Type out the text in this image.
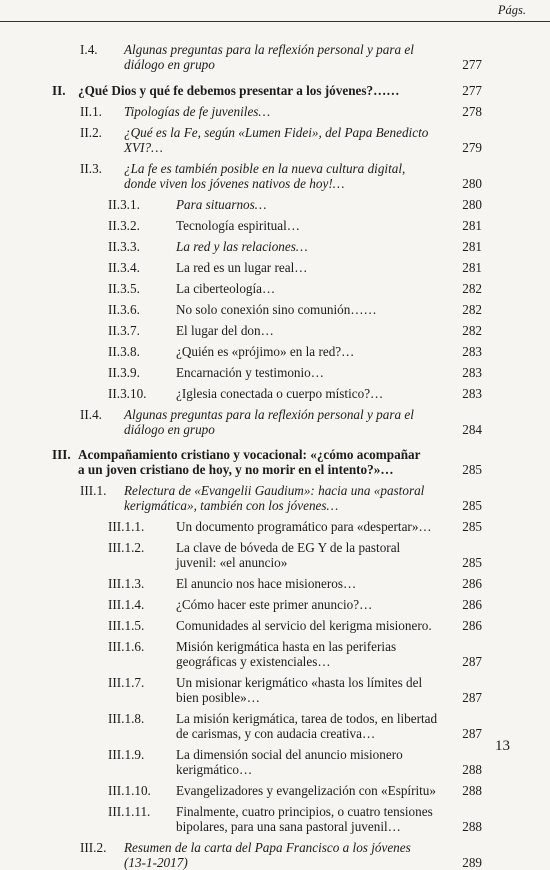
Págs.
I.4. Algunas preguntas para la reflexión personal y para el
diálogo en grupo	277
II. ¿Qué Dios y qué fe debemos presentar a los jóvenes?……	277
II.1. Tipologías de fe juveniles…	278
II.2. ¿Qué es la Fe, según «Lumen Fidei», del Papa Benedicto
XVI?…	279
II.3. ¿La fe es también posible en la nueva cultura digital,
donde viven los jóvenes nativos de hoy!…	280
II.3.1.	Para situarnos…	280
II.3.2.	Tecnología espiritual…	281
II.3.3.	La red y las relaciones…	281
II.3.4.	La red es un lugar real…	281
II.3.5.	La ciberteología…	282
II.3.6.	No solo conexión sino comunión……	282
II.3.7.	El lugar del don…	282
II.3.8.	¿Quién es «prójimo» en la red?…	283
II.3.9.	Encarnación y testimonio…	283
II.3.10. ¿Iglesia conectada o cuerpo místico?…	283
II.4. Algunas preguntas para la reflexión personal y para el
diálogo en grupo	284
III. Acompañamiento cristiano y vocacional: «¿cómo acompañar
a un joven cristiano de hoy, y no morir en el intento?»…	285
III.1. Relectura de «Evangelii Gaudium»: hacia una «pastoral
kerigmática», también con los jóvenes…	285
III.1.1. Un documento programático para «despertar»…	285
III.1.2. La clave de bóveda de EG Y de la pastoral
juvenil: «el anuncio»	285
III.1.3. El anuncio nos hace misioneros…	286
III.1.4. ¿Cómo hacer este primer anuncio?…	286
III.1.5. Comunidades al servicio del kerigma misionero.	286
III.1.6. Misión kerigmática hasta en las periferias
geográficas y existenciales…	287
III.1.7. Un misionar kerigmático «hasta los límites del
bien posible»…	287
III.1.8. La misión kerigmática, tarea de todos, en libertad
de carismas, y con audacia creativa…	287
III.1.9. La dimensión social del anuncio misionero
kerigmático…	288
III.1.10. Evangelizadores y evangelización con «Espíritu»	288
III.1.11. Finalmente, cuatro principios, o cuatro tensiones
bipolares, para una sana pastoral juvenil…	288
III.2. Resumen de la carta del Papa Francisco a los jóvenes
(13-1-2017)	289
13
